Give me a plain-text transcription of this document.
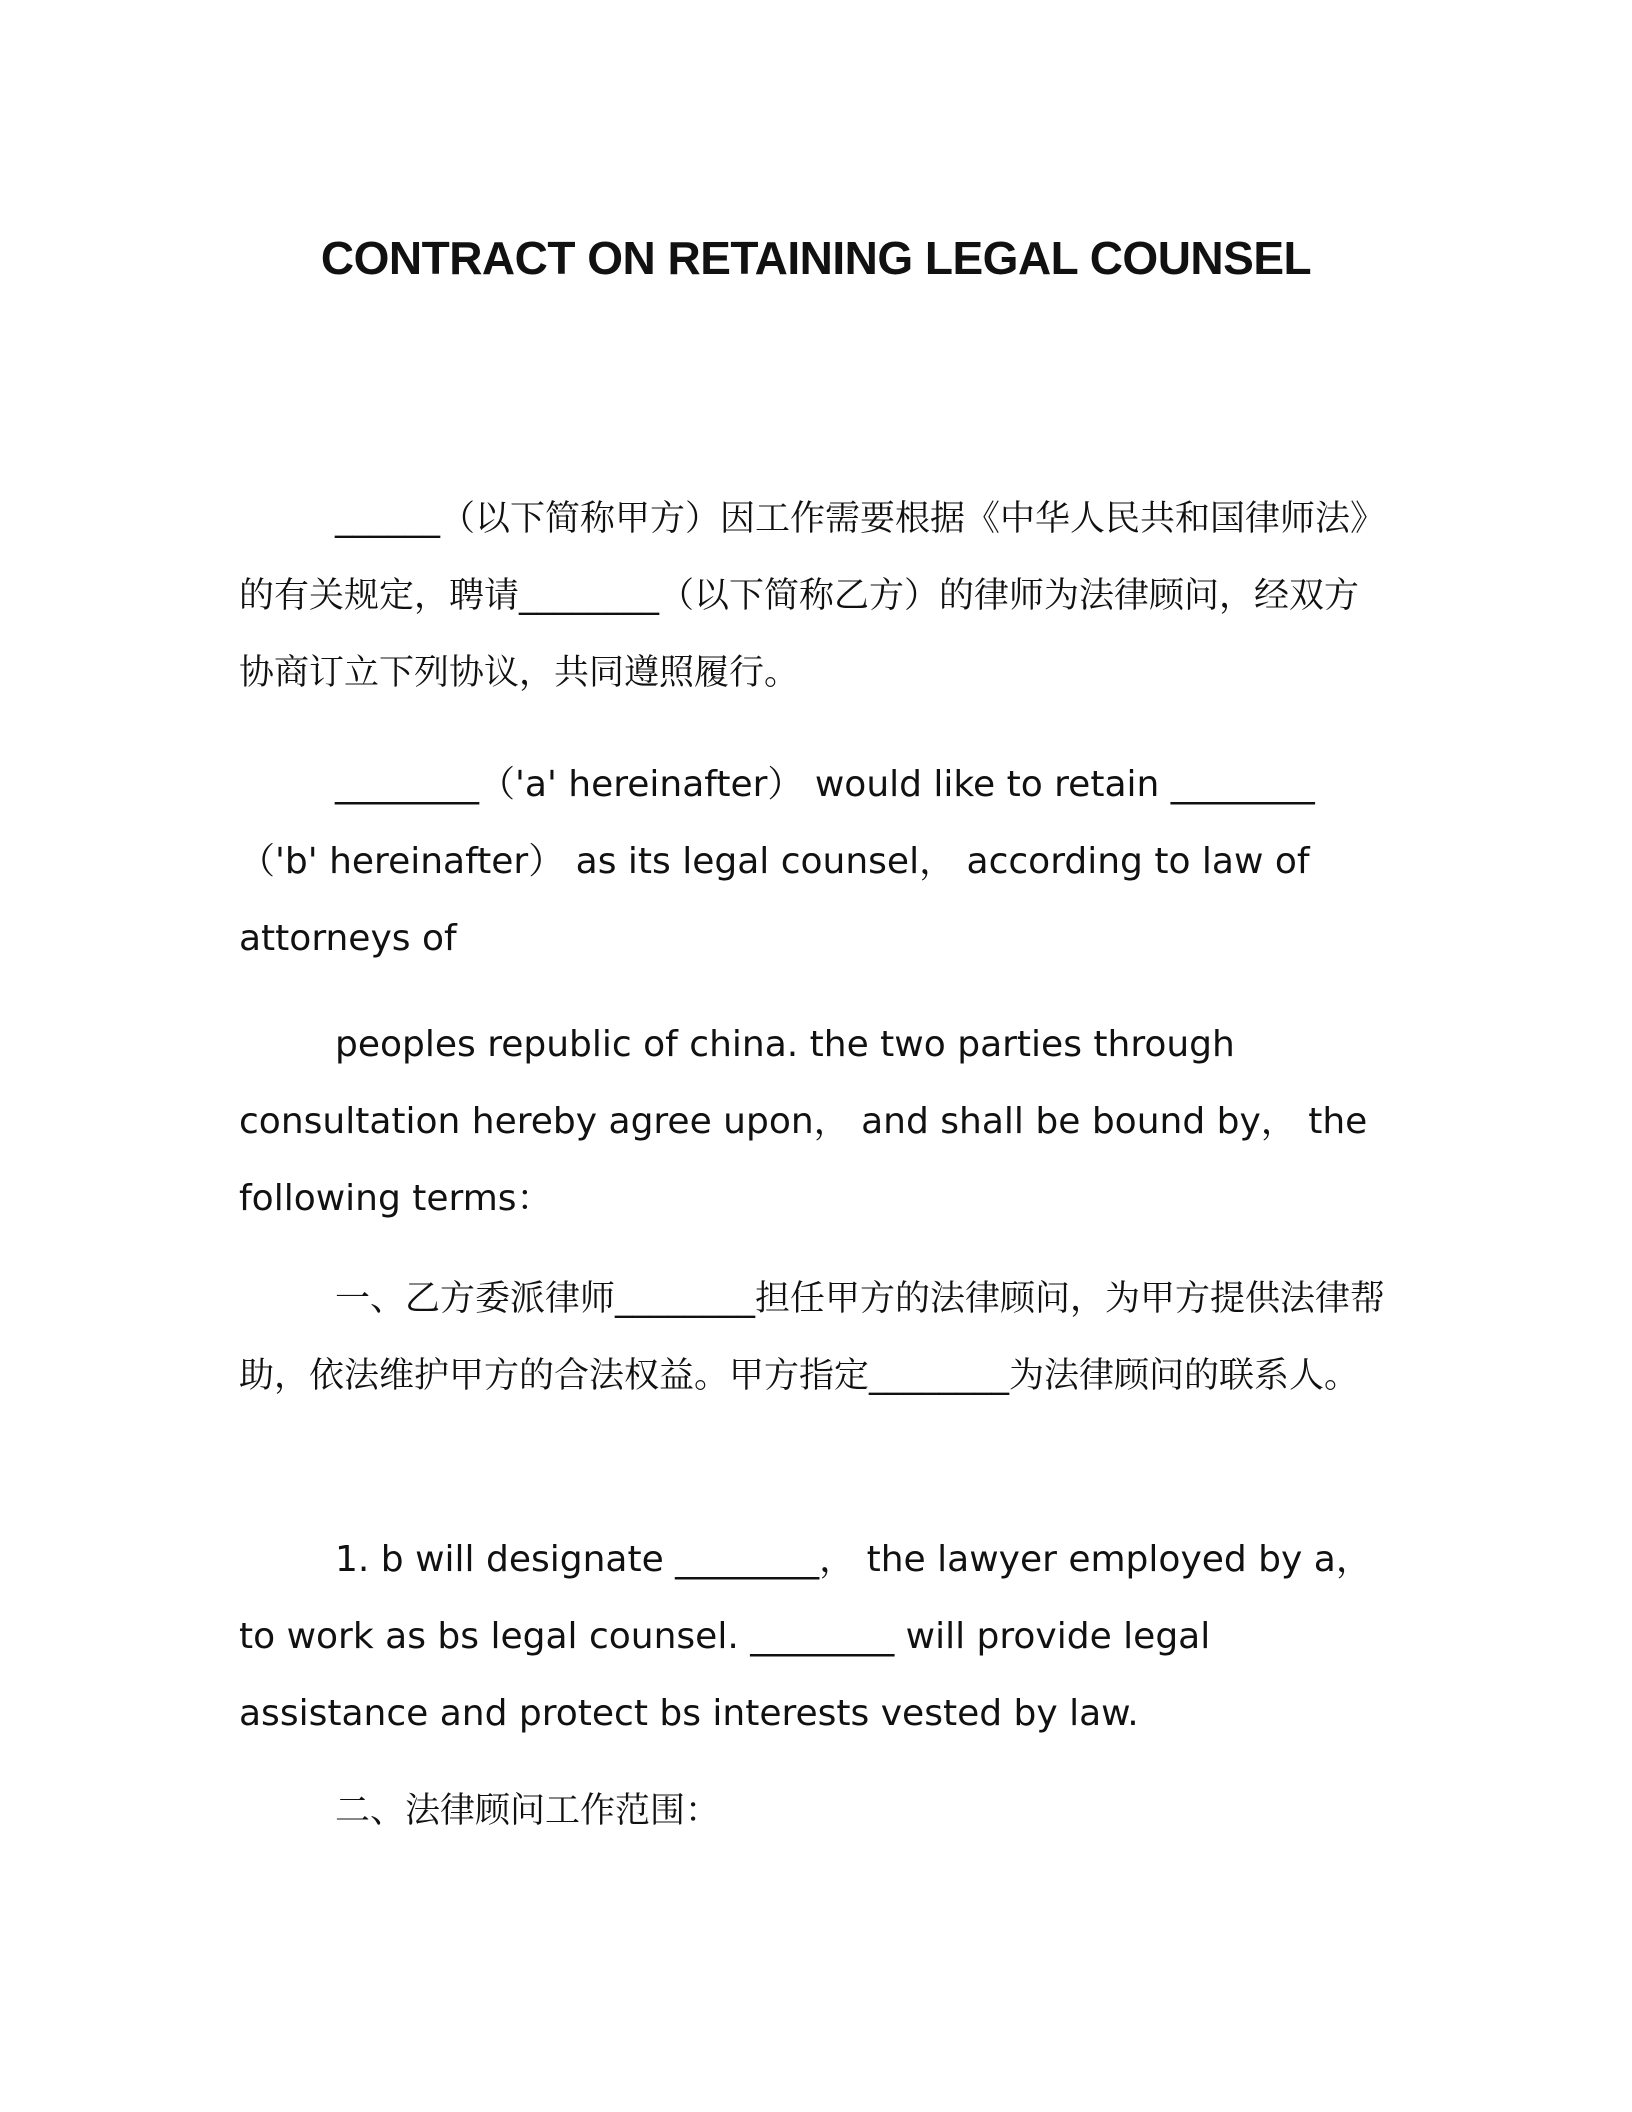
CONTRACT ON RETAINING LEGAL COUNSEL

______（以下简称甲方）因工作需要根据《中华人民共和国律师法》的有关规定，聘请________（以下简称乙方）的律师为法律顾问，经双方协商订立下列协议，共同遵照履行。

________（'a' hereinafter） would like to retain ________（'b' hereinafter） as its legal counsel， according to law of attorneys of

peoples republic of china. the two parties through consultation hereby agree upon， and shall be bound by， the following terms：

一、乙方委派律师________担任甲方的法律顾问，为甲方提供法律帮助，依法维护甲方的合法权益。甲方指定________为法律顾问的联系人。

1. b will designate ________， the lawyer employed by a，to work as bs legal counsel. ________ will provide legal assistance and protect bs interests vested by law.

二、法律顾问工作范围：
